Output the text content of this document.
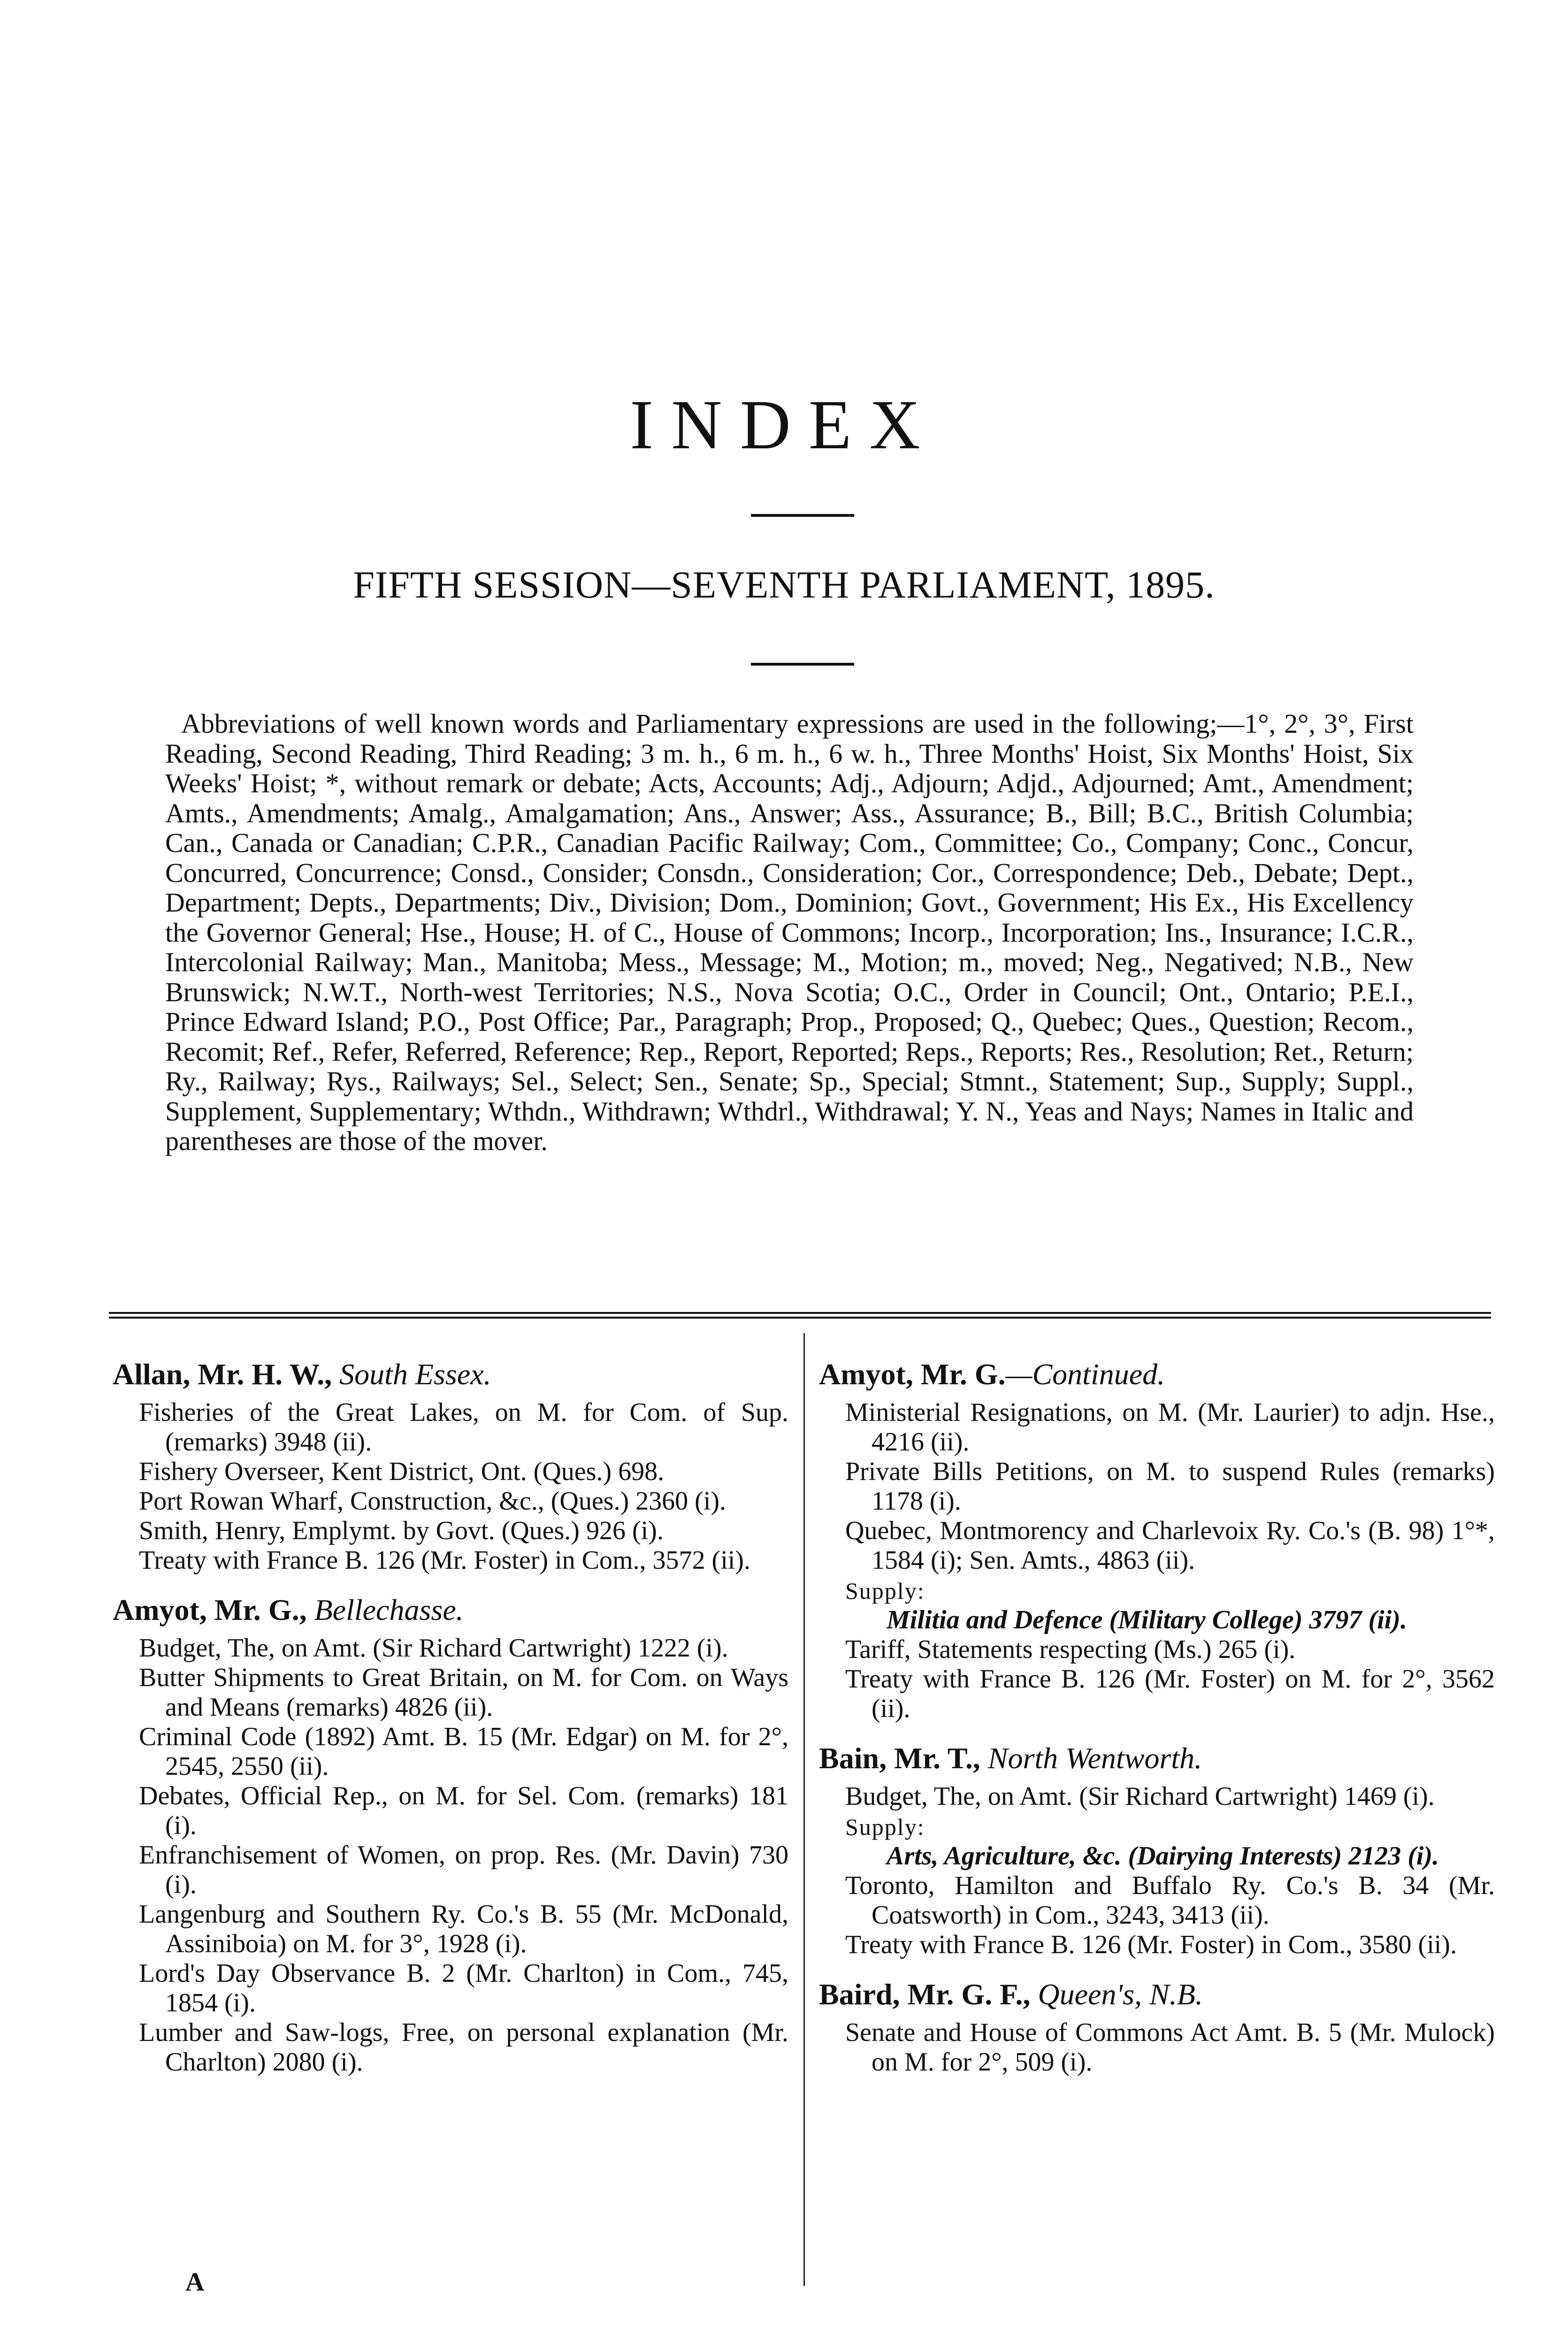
INDEX
FIFTH SESSION—SEVENTH PARLIAMENT, 1895.

Abbreviations of well known words and Parliamentary expressions are used in the following;—1°, 2°, 3°, First Reading, Second Reading, Third Reading; 3 m. h., 6 m. h., 6 w. h., Three Months' Hoist, Six Months' Hoist, Six Weeks' Hoist; *, without remark or debate; Acts, Accounts; Adj., Adjourn; Adjd., Adjourned; Amt., Amendment; Amts., Amendments; Amalg., Amalgamation; Ans., Answer; Ass., Assurance; B., Bill; B.C., British Columbia; Can., Canada or Canadian; C.P.R., Canadian Pacific Railway; Com., Committee; Co., Company; Conc., Concur, Concurred, Concurrence; Consd., Consider; Consdn., Consideration; Cor., Correspondence; Deb., Debate; Dept., Department; Depts., Departments; Div., Division; Dom., Dominion; Govt., Government; His Ex., His Excellency the Governor General; Hse., House; H. of C., House of Commons; Incorp., Incorporation; Ins., Insurance; I.C.R., Intercolonial Railway; Man., Manitoba; Mess., Message; M., Motion; m., moved; Neg., Negatived; N.B., New Brunswick; N.W.T., North-west Territories; N.S., Nova Scotia; O.C., Order in Council; Ont., Ontario; P.E.I., Prince Edward Island; P.O., Post Office; Par., Paragraph; Prop., Proposed; Q., Quebec; Ques., Question; Recom., Recomit; Ref., Refer, Referred, Reference; Rep., Report, Reported; Reps., Reports; Res., Resolution; Ret., Return; Ry., Railway; Rys., Railways; Sel., Select; Sen., Senate; Sp., Special; Stmnt., Statement; Sup., Supply; Suppl., Supplement, Supplementary; Wthdn., Withdrawn; Wthdrl., Withdrawal; Y. N., Yeas and Nays; Names in Italic and parentheses are those of the mover.

Allan, Mr. H. W., South Essex.

Fisheries of the Great Lakes, on M. for Com. of Sup. (remarks) 3948 (ii).

Fishery Overseer, Kent District, Ont. (Ques.) 698.

Port Rowan Wharf, Construction, &c., (Ques.) 2360 (i).

Smith, Henry, Emplymt. by Govt. (Ques.) 926 (i).

Treaty with France B. 126 (Mr. Foster) in Com., 3572 (ii).

Amyot, Mr. G., Bellechasse.

Budget, The, on Amt. (Sir Richard Cartwright) 1222 (i).

Butter Shipments to Great Britain, on M. for Com. on Ways and Means (remarks) 4826 (ii).

Criminal Code (1892) Amt. B. 15 (Mr. Edgar) on M. for 2°, 2545, 2550 (ii).

Debates, Official Rep., on M. for Sel. Com. (remarks) 181 (i).

Enfranchisement of Women, on prop. Res. (Mr. Davin) 730 (i).

Langenburg and Southern Ry. Co.'s B. 55 (Mr. McDonald, Assiniboia) on M. for 3°, 1928 (i).

Lord's Day Observance B. 2 (Mr. Charlton) in Com., 745, 1854 (i).

Lumber and Saw-logs, Free, on personal explanation (Mr. Charlton) 2080 (i).

Amyot, Mr. G.—Continued.

Ministerial Resignations, on M. (Mr. Laurier) to adjn. Hse., 4216 (ii).

Private Bills Petitions, on M. to suspend Rules (remarks) 1178 (i).

Quebec, Montmorency and Charlevoix Ry. Co.'s (B. 98) 1°*, 1584 (i); Sen. Amts., 4863 (ii).

Supply:

Militia and Defence (Military College) 3797 (ii).

Tariff, Statements respecting (Ms.) 265 (i).

Treaty with France B. 126 (Mr. Foster) on M. for 2°, 3562 (ii).

Bain, Mr. T., North Wentworth.

Budget, The, on Amt. (Sir Richard Cartwright) 1469 (i).

Supply:

Arts, Agriculture, &c. (Dairying Interests) 2123 (i).

Toronto, Hamilton and Buffalo Ry. Co.'s B. 34 (Mr. Coatsworth) in Com., 3243, 3413 (ii).

Treaty with France B. 126 (Mr. Foster) in Com., 3580 (ii).

Baird, Mr. G. F., Queen's, N.B.

Senate and House of Commons Act Amt. B. 5 (Mr. Mulock) on M. for 2°, 509 (i).

A
